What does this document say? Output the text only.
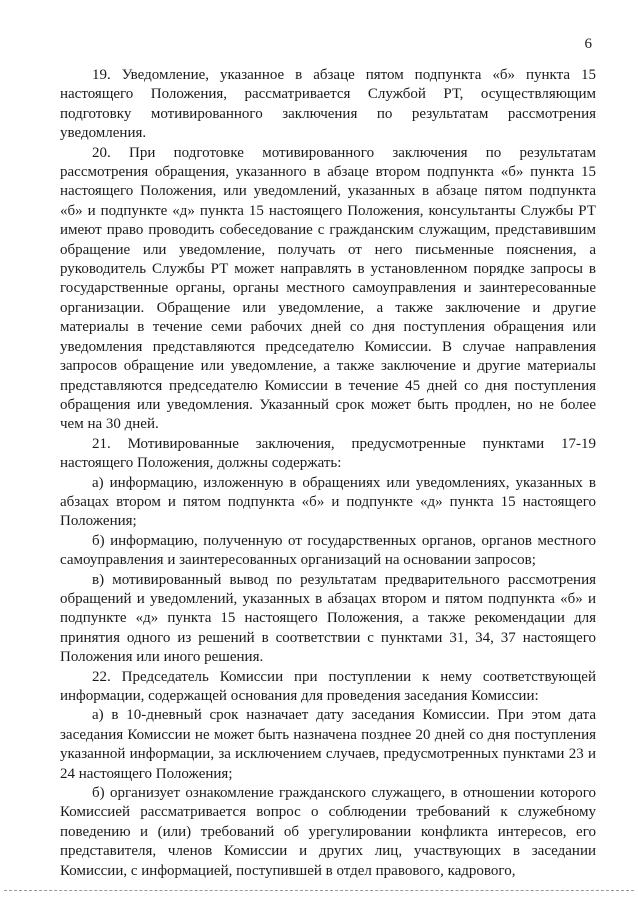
6

19. Уведомление, указанное в абзаце пятом подпункта «б» пункта 15 настоящего Положения, рассматривается Службой РТ, осуществляющим подготовку мотивированного заключения по результатам рассмотрения уведомления.

20. При подготовке мотивированного заключения по результатам рассмотрения обращения, указанного в абзаце втором подпункта «б» пункта 15 настоящего Положения, или уведомлений, указанных в абзаце пятом подпункта «б» и подпункте «д» пункта 15 настоящего Положения, консультанты Службы РТ имеют право проводить собеседование с гражданским служащим, представившим обращение или уведомление, получать от него письменные пояснения, а руководитель Службы РТ может направлять в установленном порядке запросы в государственные органы, органы местного самоуправления и заинтересованные организации. Обращение или уведомление, а также заключение и другие материалы в течение семи рабочих дней со дня поступления обращения или уведомления представляются председателю Комиссии. В случае направления запросов обращение или уведомление, а также заключение и другие материалы представляются председателю Комиссии в течение 45 дней со дня поступления обращения или уведомления. Указанный срок может быть продлен, но не более чем на 30 дней.

21. Мотивированные заключения, предусмотренные пунктами 17-19 настоящего Положения, должны содержать:

а) информацию, изложенную в обращениях или уведомлениях, указанных в абзацах втором и пятом подпункта «б» и подпункте «д» пункта 15 настоящего Положения;

б) информацию, полученную от государственных органов, органов местного самоуправления и заинтересованных организаций на основании запросов;

в) мотивированный вывод по результатам предварительного рассмотрения обращений и уведомлений, указанных в абзацах втором и пятом подпункта «б» и подпункте «д» пункта 15 настоящего Положения, а также рекомендации для принятия одного из решений в соответствии с пунктами 31, 34, 37 настоящего Положения или иного решения.

22. Председатель Комиссии при поступлении к нему соответствующей информации, содержащей основания для проведения заседания Комиссии:

а) в 10-дневный срок назначает дату заседания Комиссии. При этом дата заседания Комиссии не может быть назначена позднее 20 дней со дня поступления указанной информации, за исключением случаев, предусмотренных пунктами 23 и 24 настоящего Положения;

б) организует ознакомление гражданского служащего, в отношении которого Комиссией рассматривается вопрос о соблюдении требований к служебному поведению и (или) требований об урегулировании конфликта интересов, его представителя, членов Комиссии и других лиц, участвующих в заседании Комиссии, с информацией, поступившей в отдел правового, кадрового,
